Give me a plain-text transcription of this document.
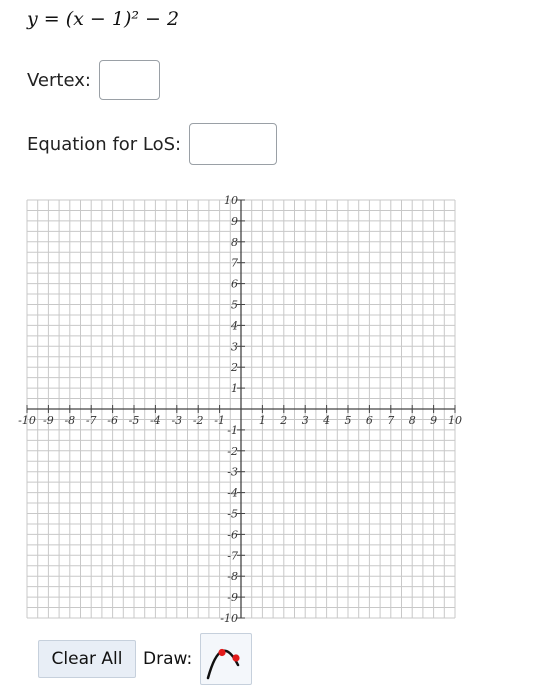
y = (x − 1)² − 2
Vertex:
Equation for LoS:
-10 -9 -8 -7 -6 -5 -4 -3 -2 -1	1 2 3 4 5 6 7 8 9 10
10
9
8
7
6
5
4
3
2
1
-1
-2
-3
-4
-5
-6
-7
-8
-9
-10
Clear All	Draw:
